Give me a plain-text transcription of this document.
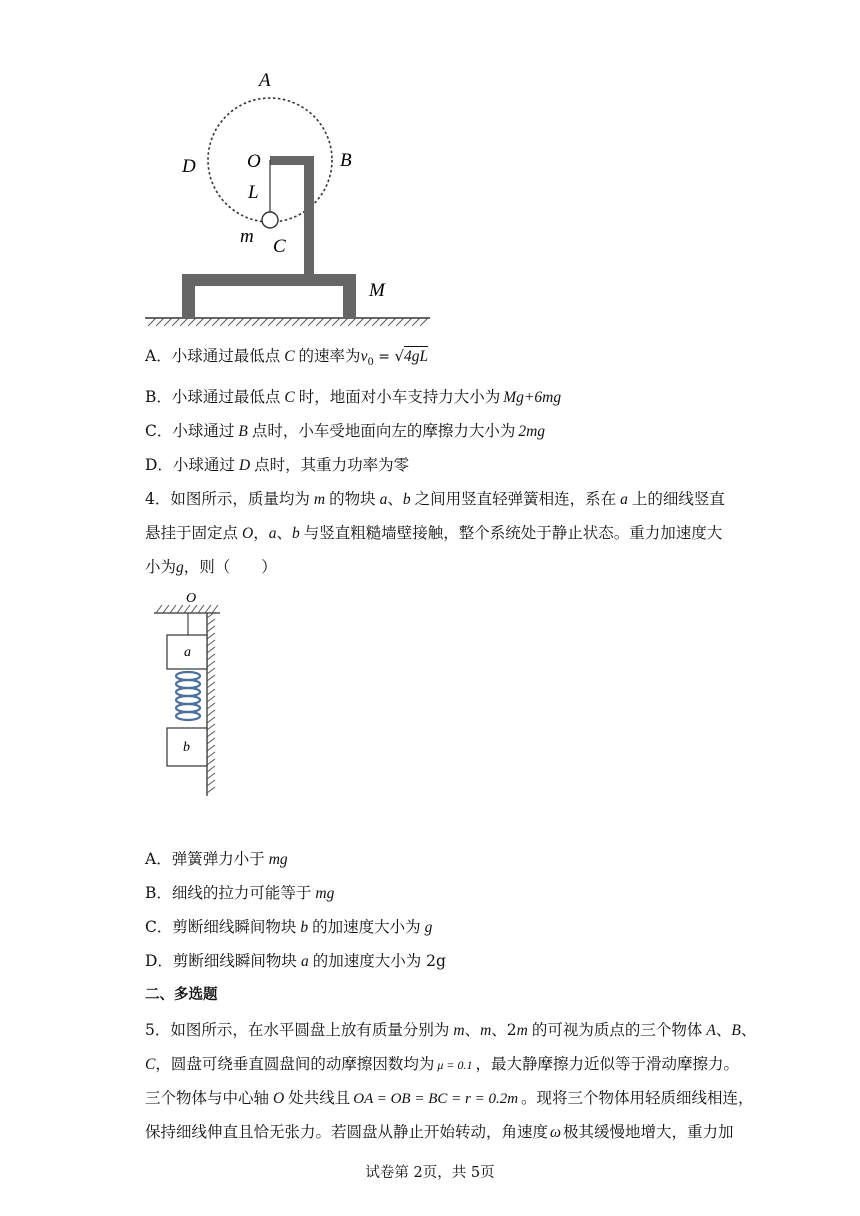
A
B
D	O
L
m C
M
A．小球通过最低点 C 的速率为$v_0 = √4gL$
B．小球通过最低点 C 时，地面对小车支持力大小为 Mg+6mg
C．小球通过 B 点时，小车受地面向左的摩擦力大小为 2mg
D．小球通过 D 点时，其重力功率为零
4．如图所示，质量均为 m 的物块 a、b 之间用竖直轻弹簧相连，系在 a 上的细线竖直
悬挂于固定点 O，a、b 与竖直粗糙墙壁接触，整个系统处于静止状态。重力加速度大
小为g，则（　　）
O
a
b
A．弹簧弹力小于 mg
B．细线的拉力可能等于 mg
C．剪断细线瞬间物块 b 的加速度大小为 g
D．剪断细线瞬间物块 a 的加速度大小为 2g
二、多选题
5．如图所示，在水平圆盘上放有质量分别为 m、m、2m 的可视为质点的三个物体 A、B、
C，圆盘可绕垂直圆盘间的动摩擦因数均为 μ = 0.1 ，最大静摩擦力近似等于滑动摩擦力。
三个物体与中心轴 O 处共线且 OA = OB = BC = r = 0.2m 。现将三个物体用轻质细线相连，
保持细线伸直且恰无张力。若圆盘从静止开始转动，角速度 ω 极其缓慢地增大，重力加
试卷第 2页，共 5页
